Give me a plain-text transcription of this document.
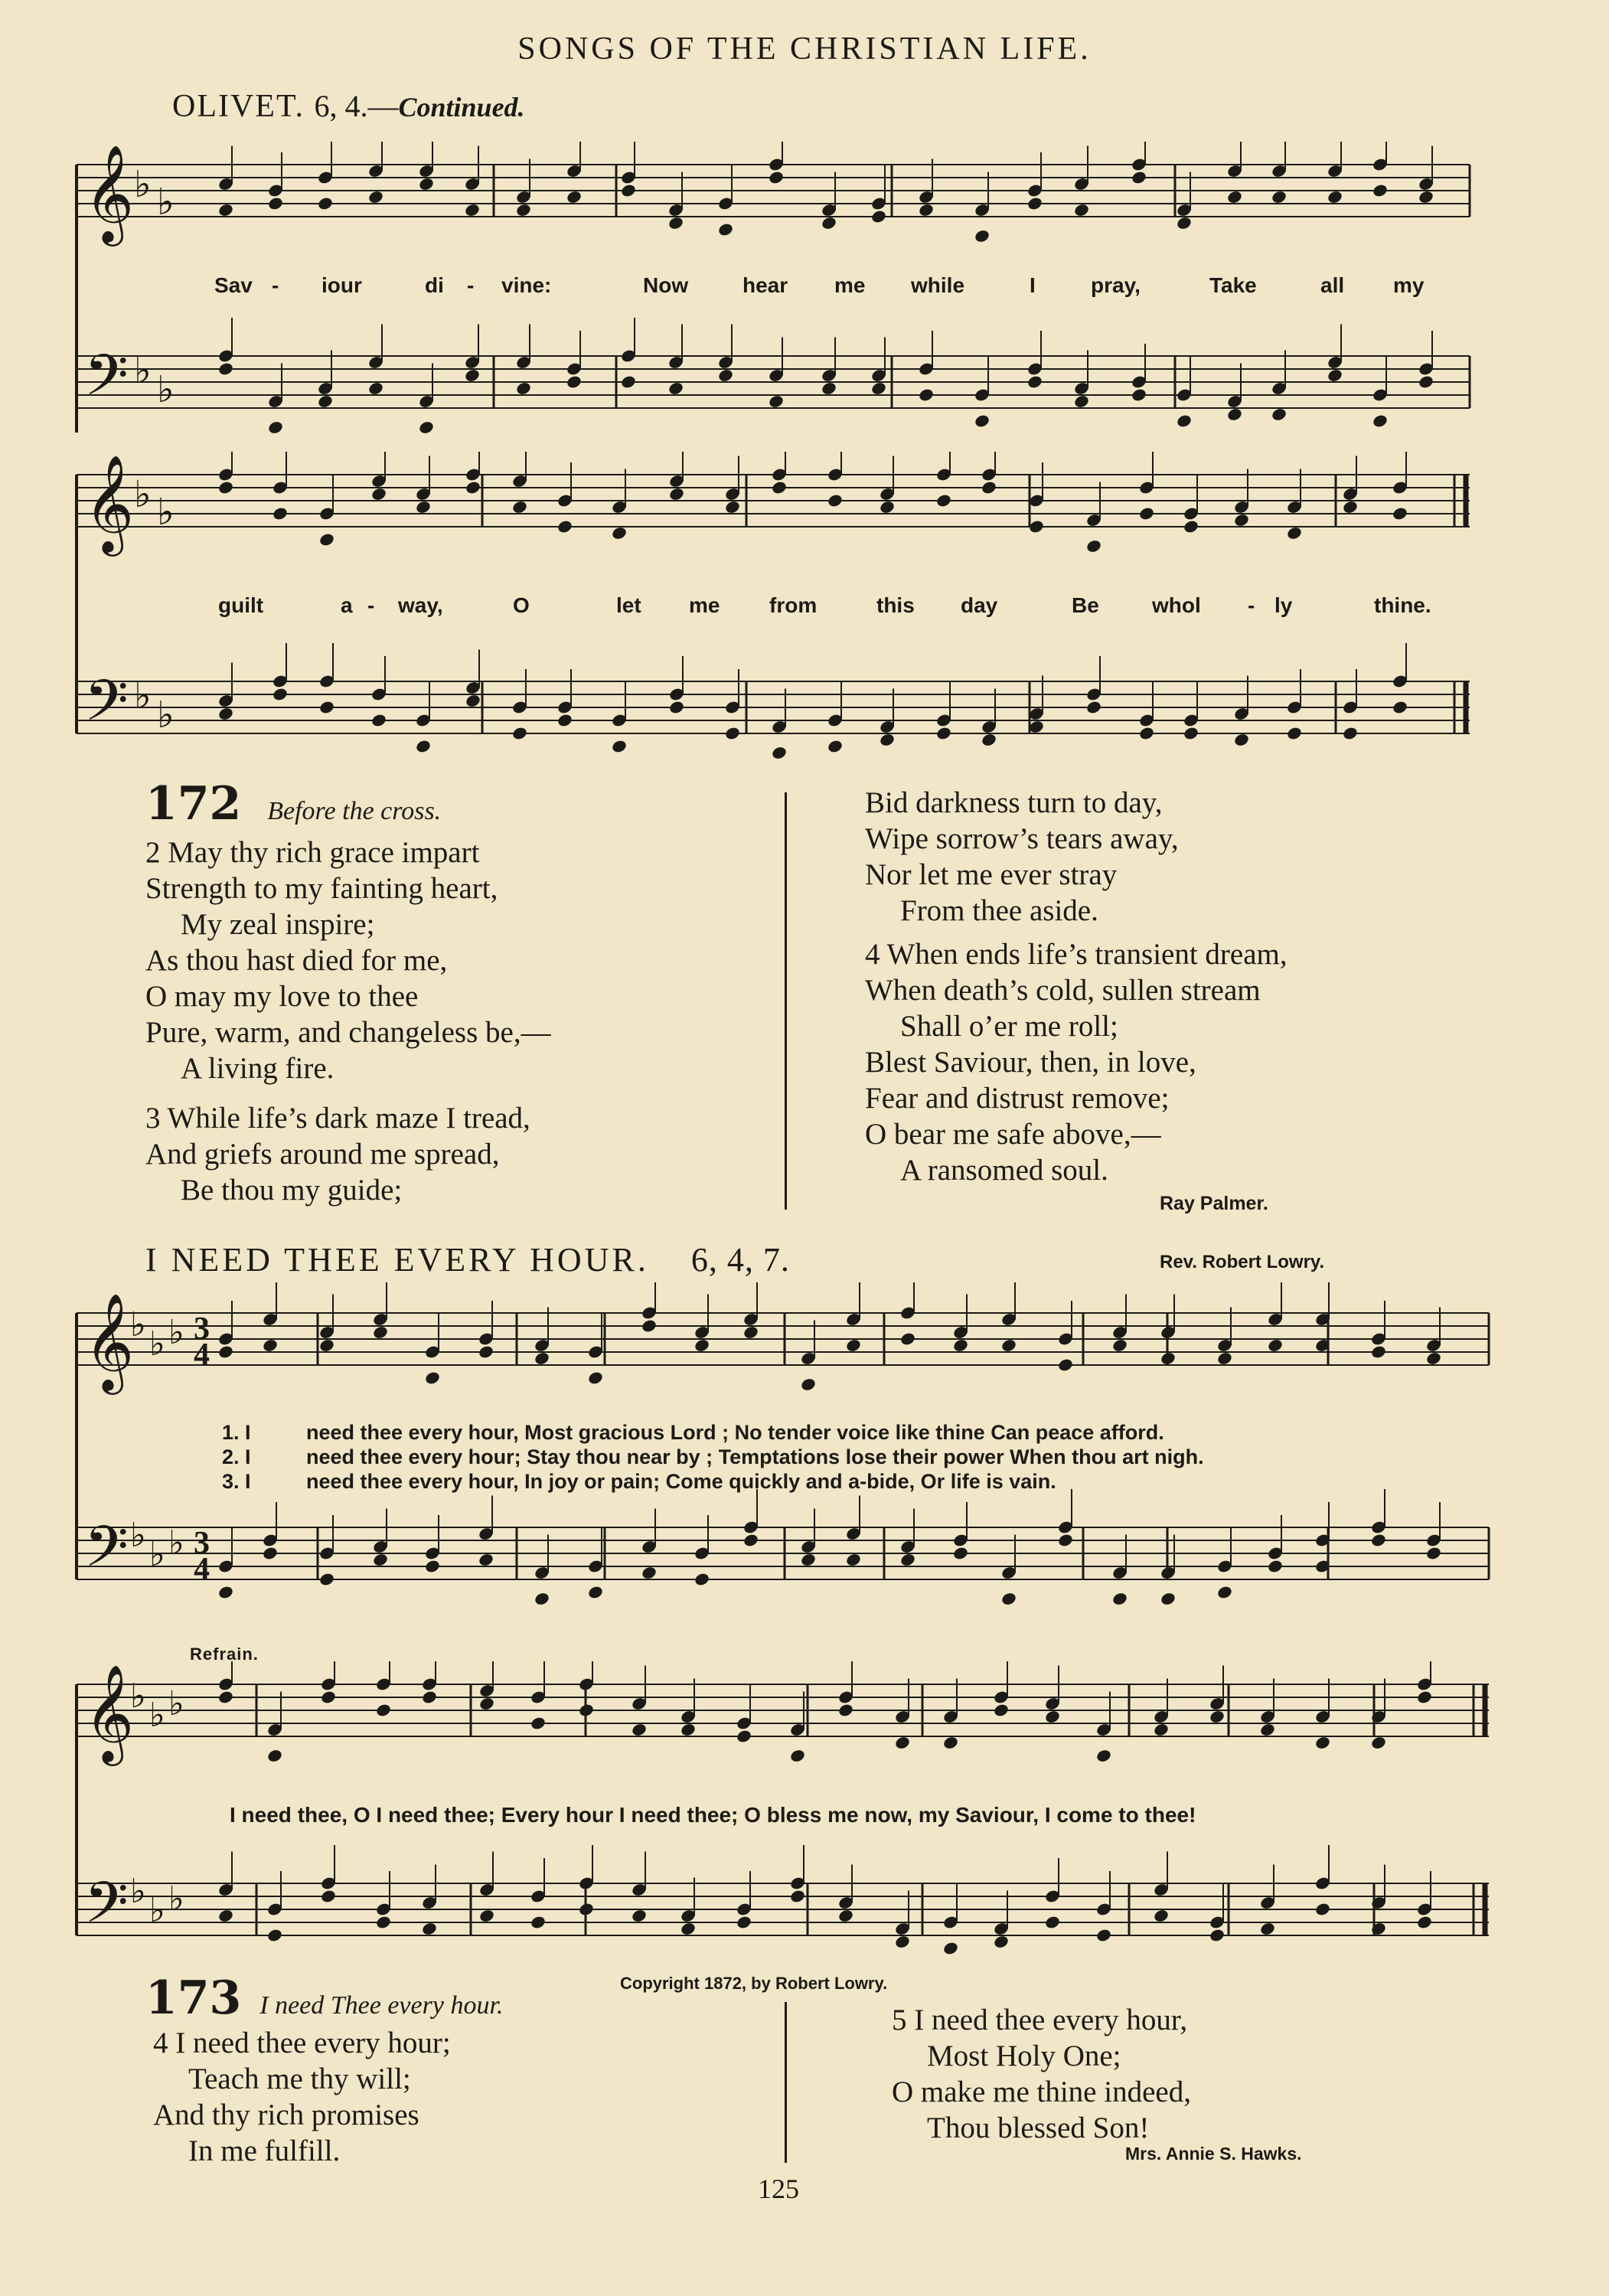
SONGS OF THE CHRISTIAN LIFE.
OLIVET. 6, 4.—Continued.
𝄞
𝄢
♭ ♭
♭ ♭
Sav - iour	di - vine:	Now	hear me while	I	pray,	Take	all my
𝄞
𝄢
♭ ♭
♭ ♭
guilt	a - way,	O	let me from	this day	Be whol - ly	thine.
172 Before the cross.
2 May thy rich grace impart
Strength to my fainting heart,
My zeal inspire;
As thou hast died for me,
O may my love to thee
Pure, warm, and changeless be,—
A living fire.
3 While life’s dark maze I tread,
And griefs around me spread,
Be thou my guide;
Bid darkness turn to day,
Wipe sorrow’s tears away,
Nor let me ever stray
From thee aside.
4 When ends life’s transient dream,
When death’s cold, sullen stream
Shall o’er me roll;
Blest Saviour, then, in love,
Fear and distrust remove;
O bear me safe above,—
A ransomed soul.
Ray Palmer.
I NEED THEE EVERY HOUR. 6, 4, 7.	Rev. Robert Lowry.
𝄞
𝄢
♭
♭ ♭
♭
♭ ♭
3
4
3
4
1. I	need thee every hour, Most gracious Lord ; No tender voice like thine Can peace afford.
2. I	need thee every hour; Stay thou near by ; Temptations lose their power When thou art nigh.
3. I	need thee every hour, In joy or pain; Come quickly and a-bide, Or life is vain.
Refrain.
𝄞
𝄢
♭
♭ ♭
♭
♭ ♭
I need thee, O I need thee; Every hour I need thee; O bless me now, my Saviour, I come to thee!
Copyright 1872, by Robert Lowry.
173 I need Thee every hour.
4 I need thee every hour;
Teach me thy will;
And thy rich promises
In me fulfill.
5 I need thee every hour,
Most Holy One;
O make me thine indeed,
Thou blessed Son!
Mrs. Annie S. Hawks.
125
